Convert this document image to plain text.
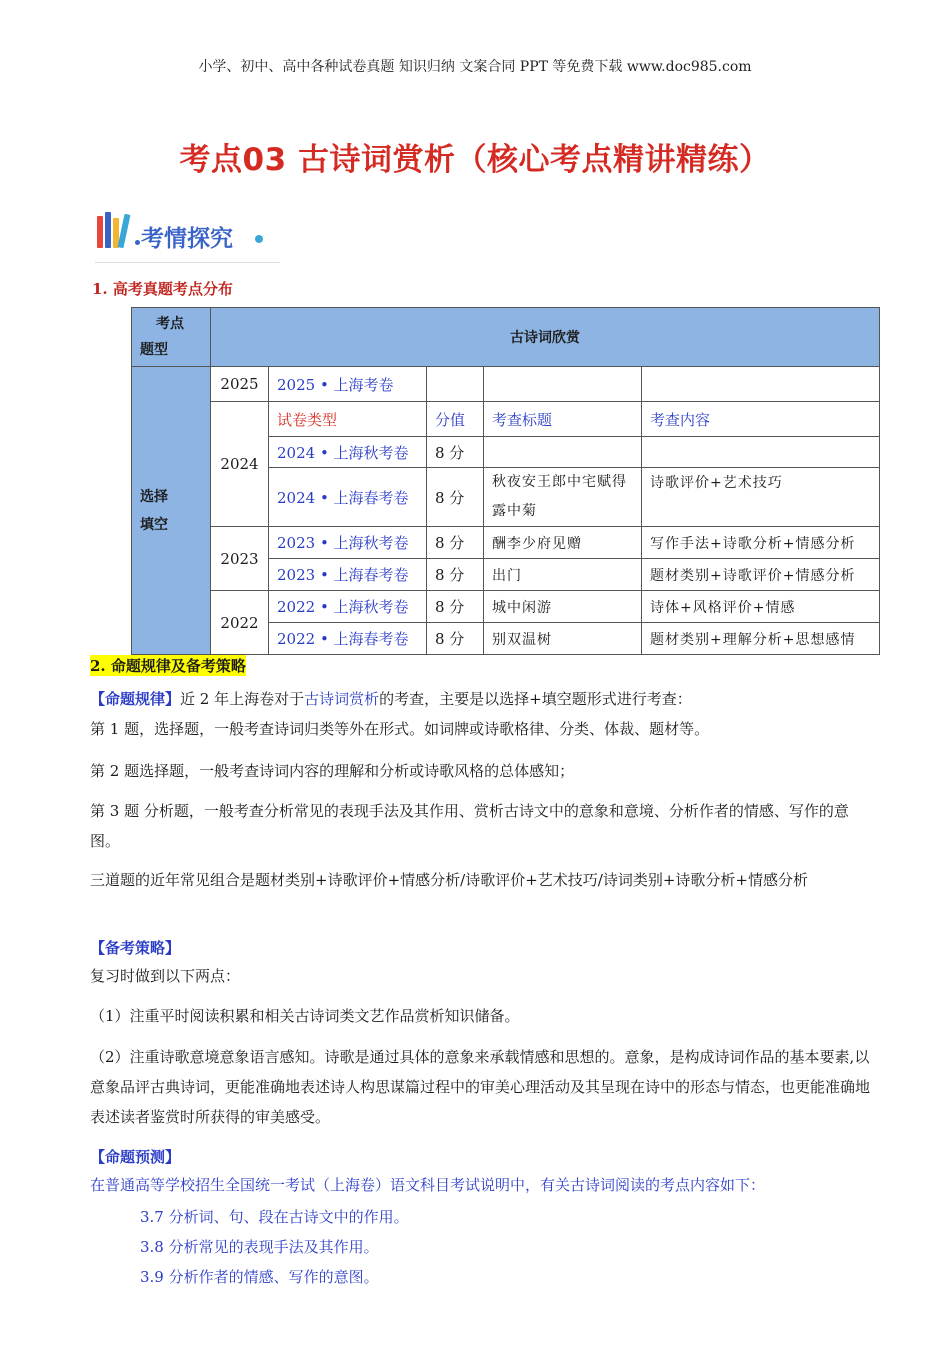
小学、初中、高中各种试卷真题 知识归纳 文案合同 PPT 等免费下载 www.doc985.com
考点03 古诗词赏析（核心考点精讲精练）
考情探究
1. 高考真题考点分布
考点
题型	古诗词欣赏				

选择
填空	2025	2025 • 上海考卷			
	2024	试卷类型	分值	考查标题	考查内容
		2024 • 上海秋考卷	8 分		
		2024 • 上海春考卷	8 分	秋夜安王郎中宅赋得露中菊	诗歌评价+艺术技巧
	2023	2023 • 上海秋考卷	8 分	酬李少府见赠	写作手法+诗歌分析+情感分析
		2023 • 上海春考卷	8 分	出门	题材类别+诗歌评价+情感分析
	2022	2022 • 上海秋考卷	8 分	城中闲游	诗体+风格评价+情感
		2022 • 上海春考卷	8 分	别双温树	题材类别+理解分析+思想感情
2. 命题规律及备考策略
【命题规律】近 2 年上海卷对于古诗词赏析的考查，主要是以选择+填空题形式进行考查：
第 1 题，选择题，一般考查诗词归类等外在形式。如词牌或诗歌格律、分类、体裁、题材等。
第 2 题选择题，一般考查诗词内容的理解和分析或诗歌风格的总体感知；
第 3 题 分析题，一般考查分析常见的表现手法及其作用、赏析古诗文中的意象和意境、分析作者的情感、写作的意图。
三道题的近年常见组合是题材类别+诗歌评价+情感分析/诗歌评价+艺术技巧/诗词类别+诗歌分析+情感分析
【备考策略】
复习时做到以下两点：
（1）注重平时阅读积累和相关古诗词类文艺作品赏析知识储备。
（2）注重诗歌意境意象语言感知。诗歌是通过具体的意象来承载情感和思想的。意象，是构成诗词作品的基本要素,以意象品评古典诗词，更能准确地表述诗人构思谋篇过程中的审美心理活动及其呈现在诗中的形态与情态，也更能准确地表述读者鉴赏时所获得的审美感受。
【命题预测】
在普通高等学校招生全国统一考试（上海卷）语文科目考试说明中，有关古诗词阅读的考点内容如下：
3.7 分析词、句、段在古诗文中的作用。
3.8 分析常见的表现手法及其作用。
3.9 分析作者的情感、写作的意图。
